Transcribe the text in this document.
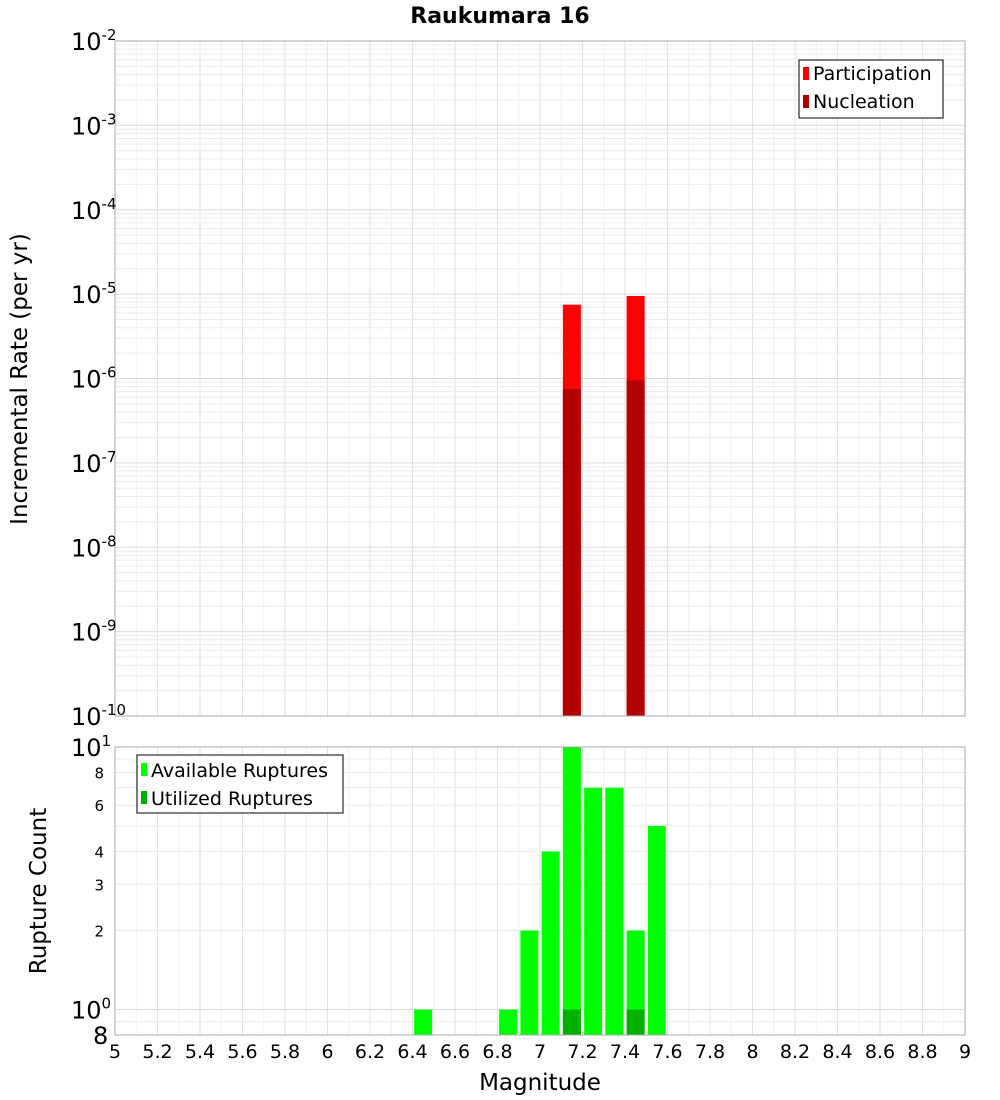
Raukumara 16
$10^{-10}$
$10^{-9}$
$10^{-8}$
$10^{-7}$
$10^{-6}$
$10^{-5}$
$10^{-4}$
$10^{-3}$
$10^{-2}$
Incremental Rate (per yr)
Participation
Nucleation
$10^1$
8
6
4
3
2
$10^0$
8
5 5.2 5.4 5.6 5.8 6 6.2 6.4 6.6 6.8 7 7.2 7.4 7.6 7.8 8 8.2 8.4 8.6 8.8 9
Rupture Count
Magnitude
Available Ruptures
Utilized Ruptures
